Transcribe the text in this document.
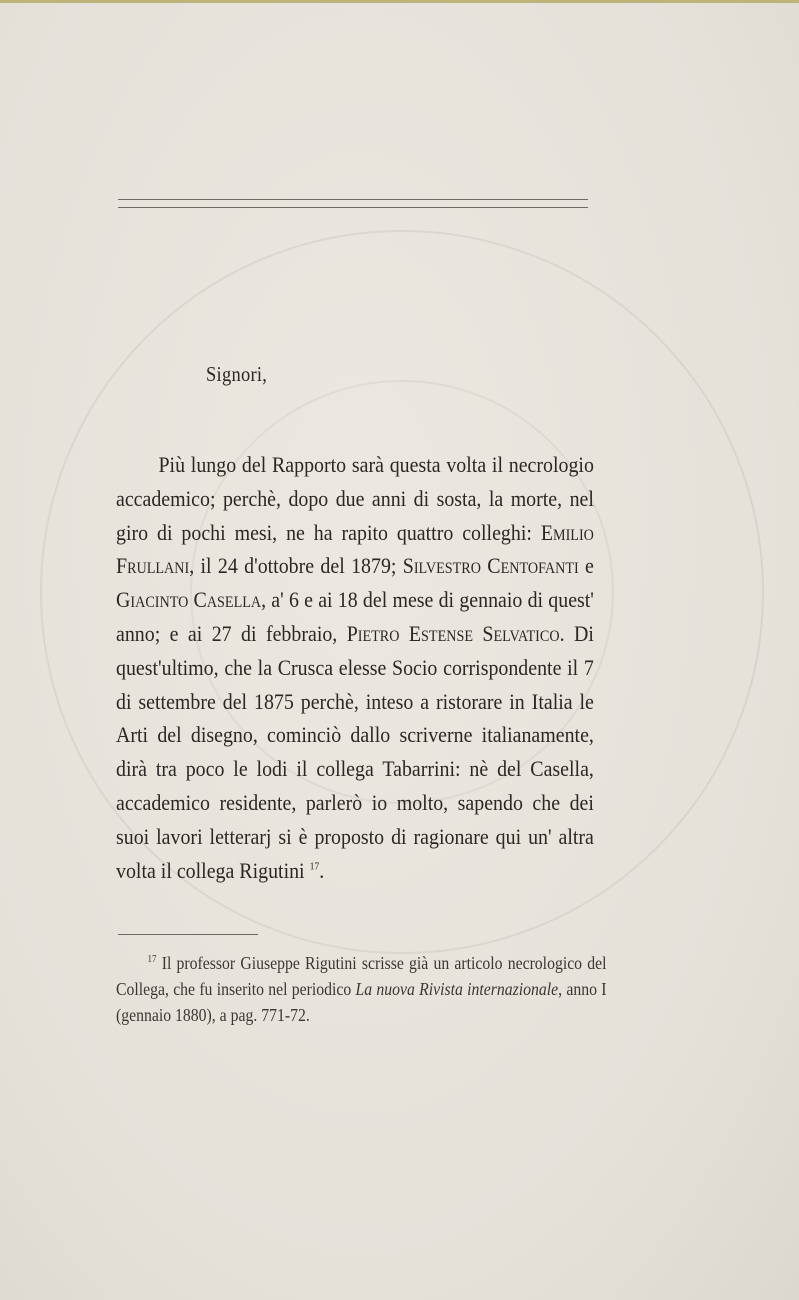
Signori,

Più lungo del Rapporto sarà questa volta il necrologio accademico; perchè, dopo due anni di sosta, la morte, nel giro di pochi mesi, ne ha rapito quattro colleghi: Emilio Frullani, il 24 d'ottobre del 1879; Silvestro Centofanti e Giacinto Casella, a' 6 e ai 18 del mese di gennaio di quest' anno; e ai 27 di febbraio, Pietro Estense Selvatico. Di quest'ultimo, che la Crusca elesse Socio corrispondente il 7 di settembre del 1875 perchè, inteso a ristorare in Italia le Arti del disegno, cominciò dallo scriverne italianamente, dirà tra poco le lodi il collega Tabarrini: nè del Casella, accademico residente, parlerò io molto, sapendo che dei suoi lavori letterarj si è proposto di ragionare qui un' altra volta il collega Rigutini $^{17}$.

$^{17}$ Il professor Giuseppe Rigutini scrisse già un articolo necrologico del Collega, che fu inserito nel periodico La nuova Rivista internazionale, anno I (gennaio 1880), a pag. 771-72.
